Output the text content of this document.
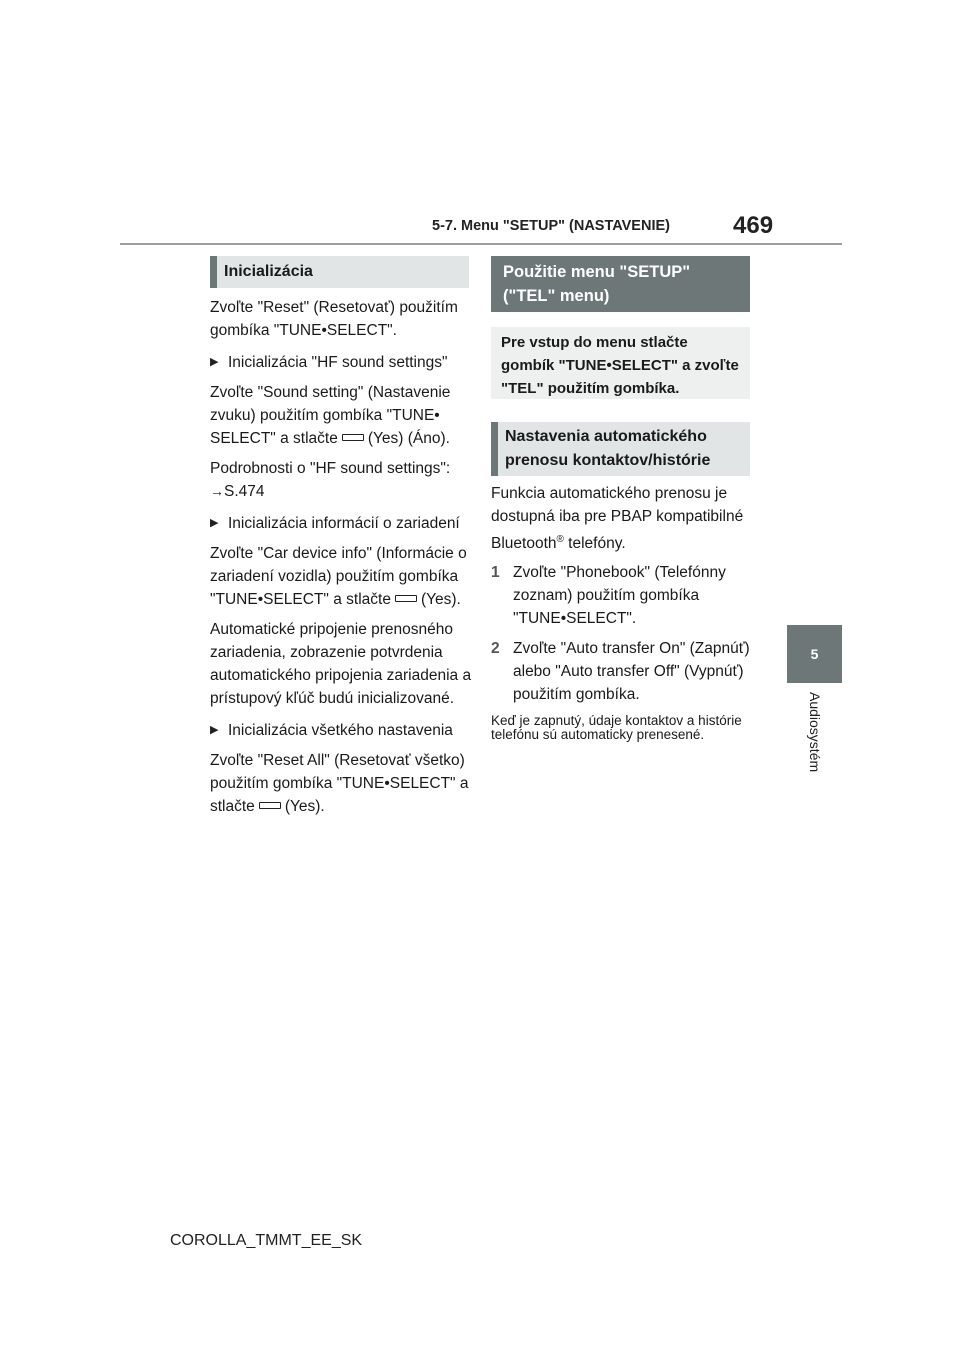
5-7. Menu "SETUP" (NASTAVENIE)	469
5
Audiosystém
Inicializácia

Zvoľte "Reset" (Resetovať) použitím gombíka "TUNE•SELECT".

▶ Inicializácia "HF sound settings"

Zvoľte "Sound setting" (Nastavenie zvuku) použitím gombíka "TUNE• SELECT" a stlačte (Yes) (Áno).

Podrobnosti o "HF sound settings":

→S.474

▶ Inicializácia informácií o zariadení

Zvoľte "Car device info" (Informácie o zariadení vozidla) použitím gombíka "TUNE•SELECT" a stlačte (Yes).

Automatické pripojenie prenosného zariadenia, zobrazenie potvrdenia automatického pripojenia zariadenia a prístupový kľúč budú inicializované.

▶ Inicializácia všetkého nastavenia

Zvoľte "Reset All" (Resetovať všetko) použitím gombíka "TUNE•SELECT" a stlačte (Yes).

Použitie menu "SETUP" ("TEL" menu)
Pre vstup do menu stlačte gombík "TUNE•SELECT" a zvoľte "TEL" použitím gombíka.
Nastavenia automatického prenosu kontaktov/histórie

Funkcia automatického prenosu je dostupná iba pre PBAP kompatibilné Bluetooth® telefóny.

1 Zvoľte "Phonebook" (Telefónny zoznam) použitím gombíka "TUNE•SELECT".
2 Zvoľte "Auto transfer On" (Zapnúť) alebo "Auto transfer Off" (Vypnúť) použitím gombíka.

Keď je zapnutý, údaje kontaktov a histórie telefónu sú automaticky prenesené.

COROLLA_TMMT_EE_SK
